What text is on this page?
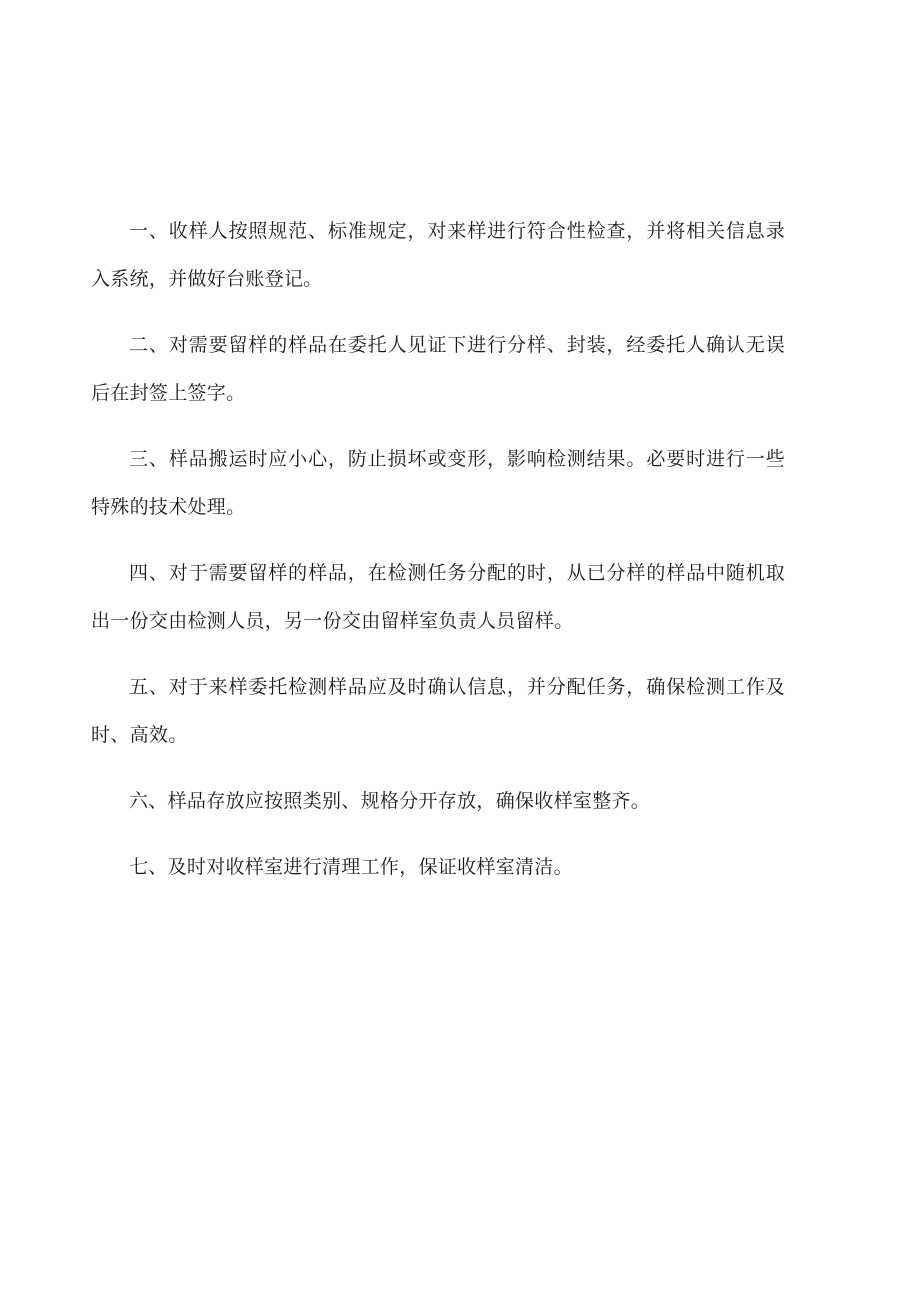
一、收样人按照规范、标准规定，对来样进行符合性检查，并将相关信息录入系统，并做好台账登记。

二、对需要留样的样品在委托人见证下进行分样、封装，经委托人确认无误后在封签上签字。

三、样品搬运时应小心，防止损坏或变形，影响检测结果。必要时进行一些特殊的技术处理。

四、对于需要留样的样品，在检测任务分配的时，从已分样的样品中随机取出一份交由检测人员，另一份交由留样室负责人员留样。

五、对于来样委托检测样品应及时确认信息，并分配任务，确保检测工作及时、高效。

六、样品存放应按照类别、规格分开存放，确保收样室整齐。

七、及时对收样室进行清理工作，保证收样室清洁。
